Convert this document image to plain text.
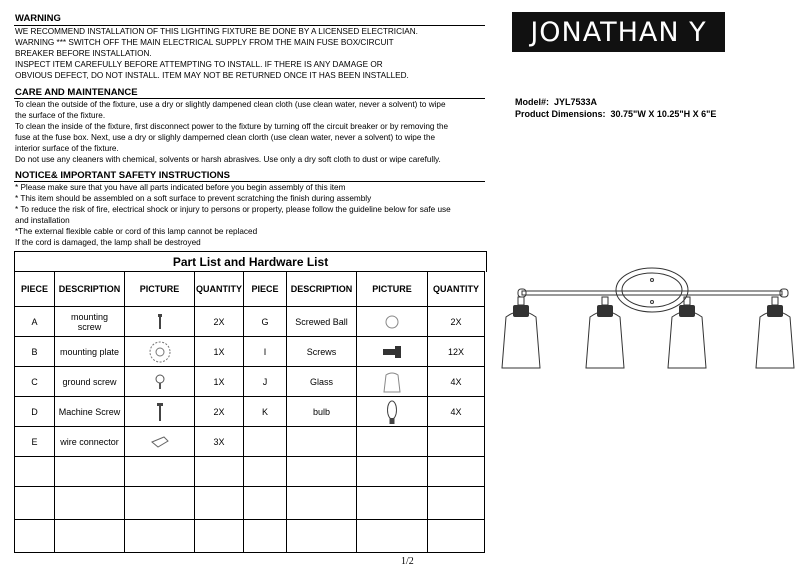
WARNING
WE RECOMMEND INSTALLATION OF THIS LIGHTING FIXTURE BE DONE BY A LICENSED ELECTRICIAN.
WARNING *** SWITCH OFF THE MAIN ELECTRICAL SUPPLY FROM THE MAIN FUSE BOX/CIRCUIT
BREAKER BEFORE INSTALLATION.
INSPECT ITEM CAREFULLY BEFORE ATTEMPTING TO INSTALL. IF THERE IS ANY DAMAGE OR
OBVIOUS DEFECT, DO NOT INSTALL. ITEM MAY NOT BE RETURNED ONCE IT HAS BEEN INSTALLED.
CARE AND MAINTENANCE
To clean the outside of the fixture, use a dry or slightly dampened clean cloth (use clean water, never a solvent) to wipe
the surface of the fixture.
To clean the inside of the fixture, first disconnect power to the fixture by turning off the circuit breaker or by removing the
fuse at the fuse box. Next, use a dry or slighly damperned clean clorth (use clean water, never a solvent) to wipe the
interior surface of the fixture.
Do not use any cleaners with chemical, solvents or harsh abrasives. Use only a dry soft cloth to dust or wipe carefully.
NOTICE& IMPORTANT SAFETY INSTRUCTIONS
* Please make sure that you have all parts indicated before you begin assembly of this item
* This item should be assembled on a soft surface to prevent scratching the finish during assembly
* To reduce the risk of fire, electrical shock or injury to persons or property, please follow the guideline below for safe use
and installation
*The external flexible cable or cord of this lamp cannot be replaced
If the cord is damaged, the lamp shall be destroyed
JONATHAN Y
Model#: JYL7533A
Product Dimensions: 30.75"W X 10.25"H X 6"E
Part List and Hardware List
PIECE	DESCRIPTION	PICTURE	QUANTITY	PIECE	DESCRIPTION	PICTURE	QUANTITY
A	mounting
screw		2X	G	Screwed Ball		2X
B	mounting plate		1X	I	Screws		12X
C	ground screw		1X	J	Glass		4X
D	Machine Screw		2X	K	bulb		4X
E	wire connector		3X				

1/2
